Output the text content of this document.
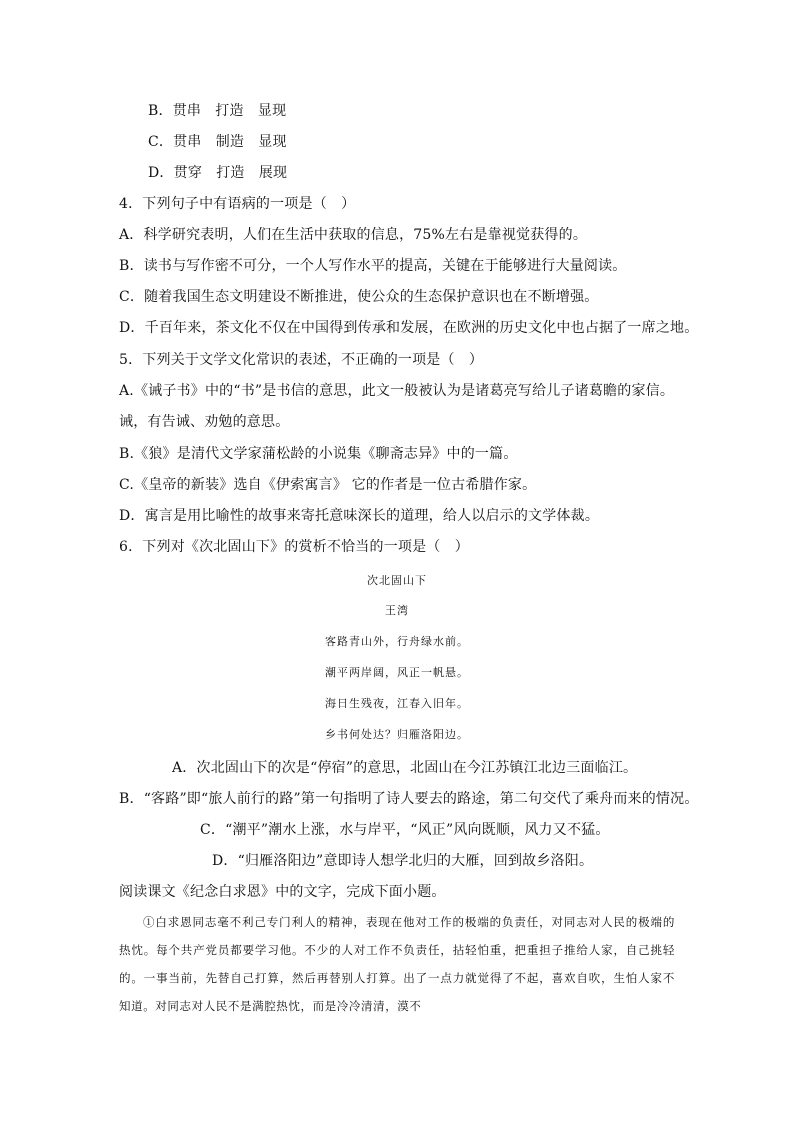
B．贯串　打造　显现
C．贯串　制造　显现
D．贯穿　打造　展现
4．下列句子中有语病的一项是（　）
A．科学研究表明，人们在生活中获取的信息，75%左右是靠视觉获得的。
B．读书与写作密不可分，一个人写作水平的提高，关键在于能够进行大量阅读。
C．随着我国生态文明建设不断推进，使公众的生态保护意识也在不断增强。
D．千百年来，茶文化不仅在中国得到传承和发展，在欧洲的历史文化中也占据了一席之地。
5．下列关于文学文化常识的表述，不正确的一项是（　）
A.《诫子书》中的“书”是书信的意思，此文一般被认为是诸葛亮写给儿子诸葛瞻的家信。
诫，有告诫、劝勉的意思。
B.《狼》是清代文学家蒲松龄的小说集《聊斋志异》中的一篇。
C.《皇帝的新装》选自《伊索寓言》 它的作者是一位古希腊作家。
D．寓言是用比喻性的故事来寄托意味深长的道理，给人以启示的文学体裁。
6．下列对《次北固山下》的赏析不恰当的一项是（　）
次北固山下
王湾
客路青山外，行舟绿水前。
潮平两岸阔，风正一帆悬。
海日生残夜，江春入旧年。
乡书何处达？归雁洛阳边。
A．次北固山下的次是“停宿”的意思，北固山在今江苏镇江北边三面临江。
B．“客路”即“旅人前行的路”第一句指明了诗人要去的路途，第二句交代了乘舟而来的情况。
C．“潮平”潮水上涨，水与岸平，“风正”风向既顺，风力又不猛。
D．“归雁洛阳边”意即诗人想学北归的大雁，回到故乡洛阳。
阅读课文《纪念白求恩》中的文字，完成下面小题。

①白求恩同志毫不利己专门利人的精神，表现在他对工作的极端的负责任，对同志对人民的极端的热忱。每个共产党员都要学习他。不少的人对工作不负责任，拈轻怕重，把重担子推给人家，自己挑轻的。一事当前，先替自己打算，然后再替别人打算。出了一点力就觉得了不起，喜欢自吹，生怕人家不知道。对同志对人民不是满腔热忱，而是冷冷清清，漠不
